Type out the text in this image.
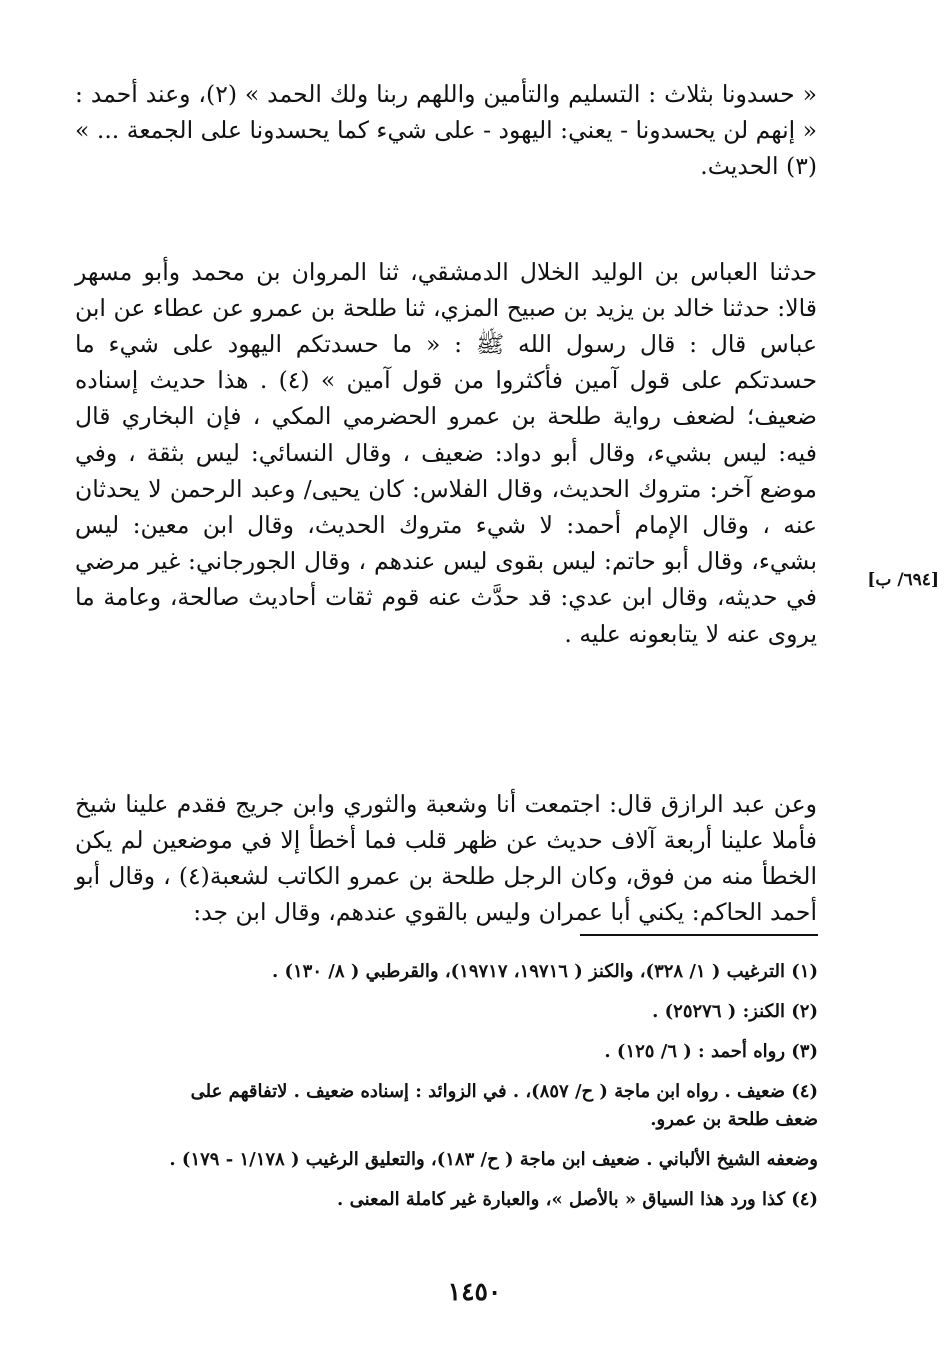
« حسدونا بثلاث : التسليم والتأمين واللهم ربنا ولك الحمد » (٢)، وعند أحمد : « إنهم لن يحسدونا - يعني: اليهود - على شيء كما يحسدونا على الجمعة ... » (٣) الحديث.

حدثنا العباس بن الوليد الخلال الدمشقي، ثنا المروان بن محمد وأبو مسهر قالا: حدثنا خالد بن يزيد بن صبيح المزي، ثنا طلحة بن عمرو عن عطاء عن ابن عباس قال : قال رسول الله ﷺ : « ما حسدتكم اليهود على شيء ما حسدتكم على قول آمين فأكثروا من قول آمين » (٤) . هذا حديث إسناده ضعيف؛ لضعف رواية طلحة بن عمرو الحضرمي المكي ، فإن البخاري قال فيه: ليس بشيء، وقال أبو دواد: ضعيف ، وقال النسائي: ليس بثقة ، وفي موضع آخر: متروك الحديث، وقال الفلاس: كان يحيى/ وعبد الرحمن لا يحدثان عنه ، وقال الإمام أحمد: لا شيء متروك الحديث، وقال ابن معين: ليس بشيء، وقال أبو حاتم: ليس بقوى ليس عندهم ، وقال الجورجاني: غير مرضي في حديثه، وقال ابن عدي: قد حدَّث عنه قوم ثقات أحاديث صالحة، وعامة ما يروى عنه لا يتابعونه عليه .

وعن عبد الرازق قال: اجتمعت أنا وشعبة والثوري وابن جريج فقدم علينا شيخ فأملا علينا أربعة آلاف حديث عن ظهر قلب فما أخطأ إلا في موضعين لم يكن الخطأ منه من فوق، وكان الرجل طلحة بن عمرو الكاتب لشعبة(٤) ، وقال أبو أحمد الحاكم: يكني أبا عمران وليس بالقوي عندهم، وقال ابن جد:

[٦٩٤/ ب]

(١) الترغيب ( ١/ ٣٢٨)، والكنز ( ١٩٧١٦، ١٩٧١٧)، والقرطبي ( ٨/ ١٣٠) .

(٢) الكنز: ( ٢٥٢٧٦) .

(٣) رواه أحمد : ( ٦/ ١٢٥) .

(٤) ضعيف . رواه ابن ماجة ( ح/ ٨٥٧)، . في الزوائد : إسناده ضعيف . لاتفاقهم على ضعف طلحة بن عمرو.

وضعفه الشيخ الألباني . ضعيف ابن ماجة ( ح/ ١٨٣)، والتعليق الرغيب ( ١/١٧٨ - ١٧٩) .

(٤) كذا ورد هذا السياق « بالأصل »، والعبارة غير كاملة المعنى .

١٤٥٠
